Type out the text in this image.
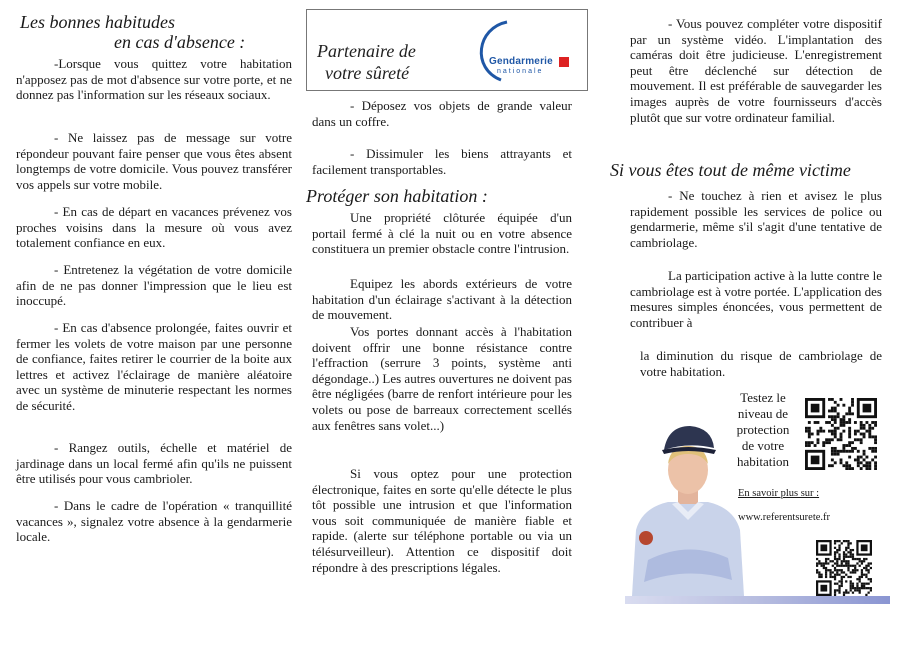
Les bonnes habitudes
en cas d'absence :

-Lorsque vous quittez votre habitation n'apposez pas de mot d'absence sur votre porte, et ne donnez pas l'information sur les réseaux sociaux.

- Ne laissez pas de message sur votre répondeur pouvant faire penser que vous êtes absent longtemps de votre domicile. Vous pouvez transférer vos appels sur votre mobile.

- En cas de départ en vacances prévenez vos proches voisins dans la mesure où vous avez totalement confiance en eux.

- Entretenez la végétation de votre domicile afin de ne pas donner l'impression que le lieu est inoccupé.

- En cas d'absence prolongée, faites ouvrir et fermer les volets de votre maison par une personne de confiance, faites retirer le courrier de la boite aux lettres et activez l'éclairage de manière aléatoire avec un système de minuterie respectant les normes de sécurité.

- Rangez outils, échelle et matériel de jardinage dans un local fermé afin qu'ils ne puissent être utilisés pour vous cambrioler.

- Dans le cadre de l'opération « tranquillité vacances », signalez votre absence à la gendarmerie locale.

Partenaire de
votre sûreté
Gendarmerie
nationale

- Déposez vos objets de grande valeur dans un coffre.

- Dissimuler les biens attrayants et facilement transportables.

Protéger son habitation :

Une propriété clôturée équipée d'un portail fermé à clé la nuit ou en votre absence constituera un premier obstacle contre l'intrusion.

Equipez les abords extérieurs de votre habitation d'un éclairage s'activant à la détection de mouvement.

Vos portes donnant accès à l'habitation doivent offrir une bonne résistance contre l'effraction (serrure 3 points, système anti dégondage..) Les autres ouvertures ne doivent pas être négligées (barre de renfort intérieure pour les volets ou pose de barreaux correctement scellés aux fenêtres sans volet...)

Si vous optez pour une protection électronique, faites en sorte qu'elle détecte le plus tôt possible une intrusion et que l'information vous soit communiquée de manière fiable et rapide. (alerte sur téléphone portable ou via un télésurveilleur). Attention ce dispositif doit répondre à des prescriptions légales.

- Vous pouvez compléter votre dispositif par un système vidéo. L'implantation des caméras doit être judicieuse. L'enregistrement peut être déclenché sur détection de mouvement. Il est préférable de sauvegarder les images auprès de votre fournisseurs d'accès plutôt que sur votre ordinateur familial.

Si vous êtes tout de même victime

- Ne touchez à rien et avisez le plus rapidement possible les services de police ou gendarmerie, même s'il s'agit d'une tentative de cambriolage.

La participation active à la lutte contre le cambriolage est à votre portée. L'application des mesures simples énoncées, vous permettent de contribuer à

la diminution du risque de cambriolage de votre habitation.

Testez le niveau de protection de votre habitation
En savoir plus sur :
www.referentsurete.fr
